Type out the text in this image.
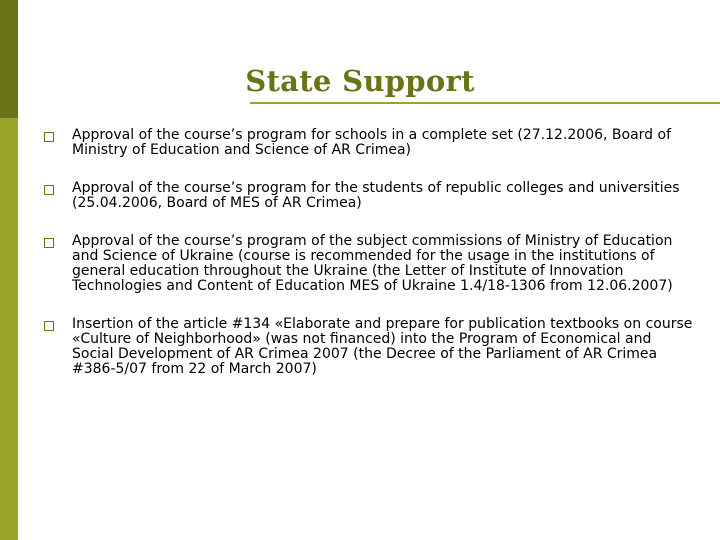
State Support
Approval of the course’s program for schools in a complete set (27.12.2006, Board of Ministry of Education and Science of AR Crimea)
Approval of the course’s program for the students of republic colleges and universities (25.04.2006, Board of MES of AR Crimea)
Approval of the course’s program of the subject commissions of Ministry of Education and Science of Ukraine (course is recommended for the usage in the institutions of general education throughout the Ukraine (the Letter of Institute of Innovation Technologies and Content of Education MES of Ukraine 1.4/18-1306 from 12.06.2007)
Insertion of the article #134 «Elaborate and prepare for publication textbooks on course «Culture of Neighborhood» (was not financed) into the Program of Economical and Social Development of AR Crimea 2007 (the Decree of the Parliament of AR Crimea #386-5/07 from 22 of March 2007)
